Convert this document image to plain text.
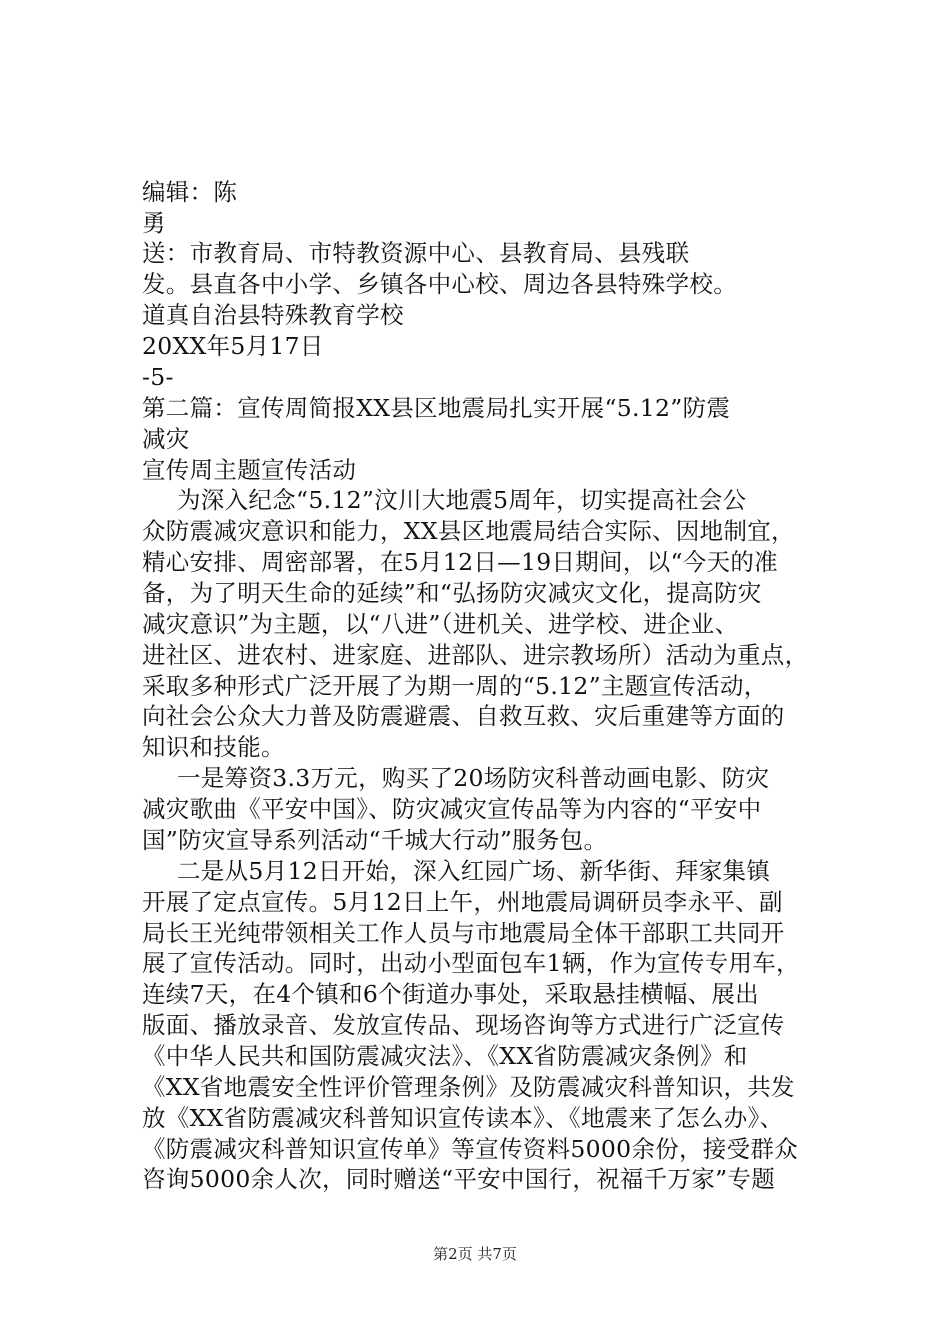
编辑：陈
勇
送：市教育局、市特教资源中心、县教育局、县残联
发。县直各中小学、乡镇各中心校、周边各县特殊学校。
道真自治县特殊教育学校
20XX年5月17日
-5-
第二篇：宣传周简报XX县区地震局扎实开展“5.12”防震
减灾
宣传周主题宣传活动
为深入纪念“5.12”汶川大地震5周年，切实提高社会公
众防震减灾意识和能力，XX县区地震局结合实际、因地制宜，
精心安排、周密部署，在5月12日—19日期间，以“今天的准
备，为了明天生命的延续”和“弘扬防灾减灾文化，提高防灾
减灾意识”为主题，以“八进”（进机关、进学校、进企业、
进社区、进农村、进家庭、进部队、进宗教场所）活动为重点，
采取多种形式广泛开展了为期一周的“5.12”主题宣传活动，
向社会公众大力普及防震避震、自救互救、灾后重建等方面的
知识和技能。
一是筹资3.3万元，购买了20场防灾科普动画电影、防灾
减灾歌曲《平安中国》、防灾减灾宣传品等为内容的“平安中
国”防灾宣导系列活动“千城大行动”服务包。
二是从5月12日开始，深入红园广场、新华街、拜家集镇
开展了定点宣传。5月12日上午，州地震局调研员李永平、副
局长王光纯带领相关工作人员与市地震局全体干部职工共同开
展了宣传活动。同时，出动小型面包车1辆，作为宣传专用车，
连续7天，在4个镇和6个街道办事处，采取悬挂横幅、展出
版面、播放录音、发放宣传品、现场咨询等方式进行广泛宣传
《中华人民共和国防震减灾法》、《XX省防震减灾条例》和
《XX省地震安全性评价管理条例》及防震减灾科普知识，共发
放《XX省防震减灾科普知识宣传读本》、《地震来了怎么办》、
《防震减灾科普知识宣传单》等宣传资料5000余份，接受群众
咨询5000余人次，同时赠送“平安中国行，祝福千万家”专题
第2页 共7页
